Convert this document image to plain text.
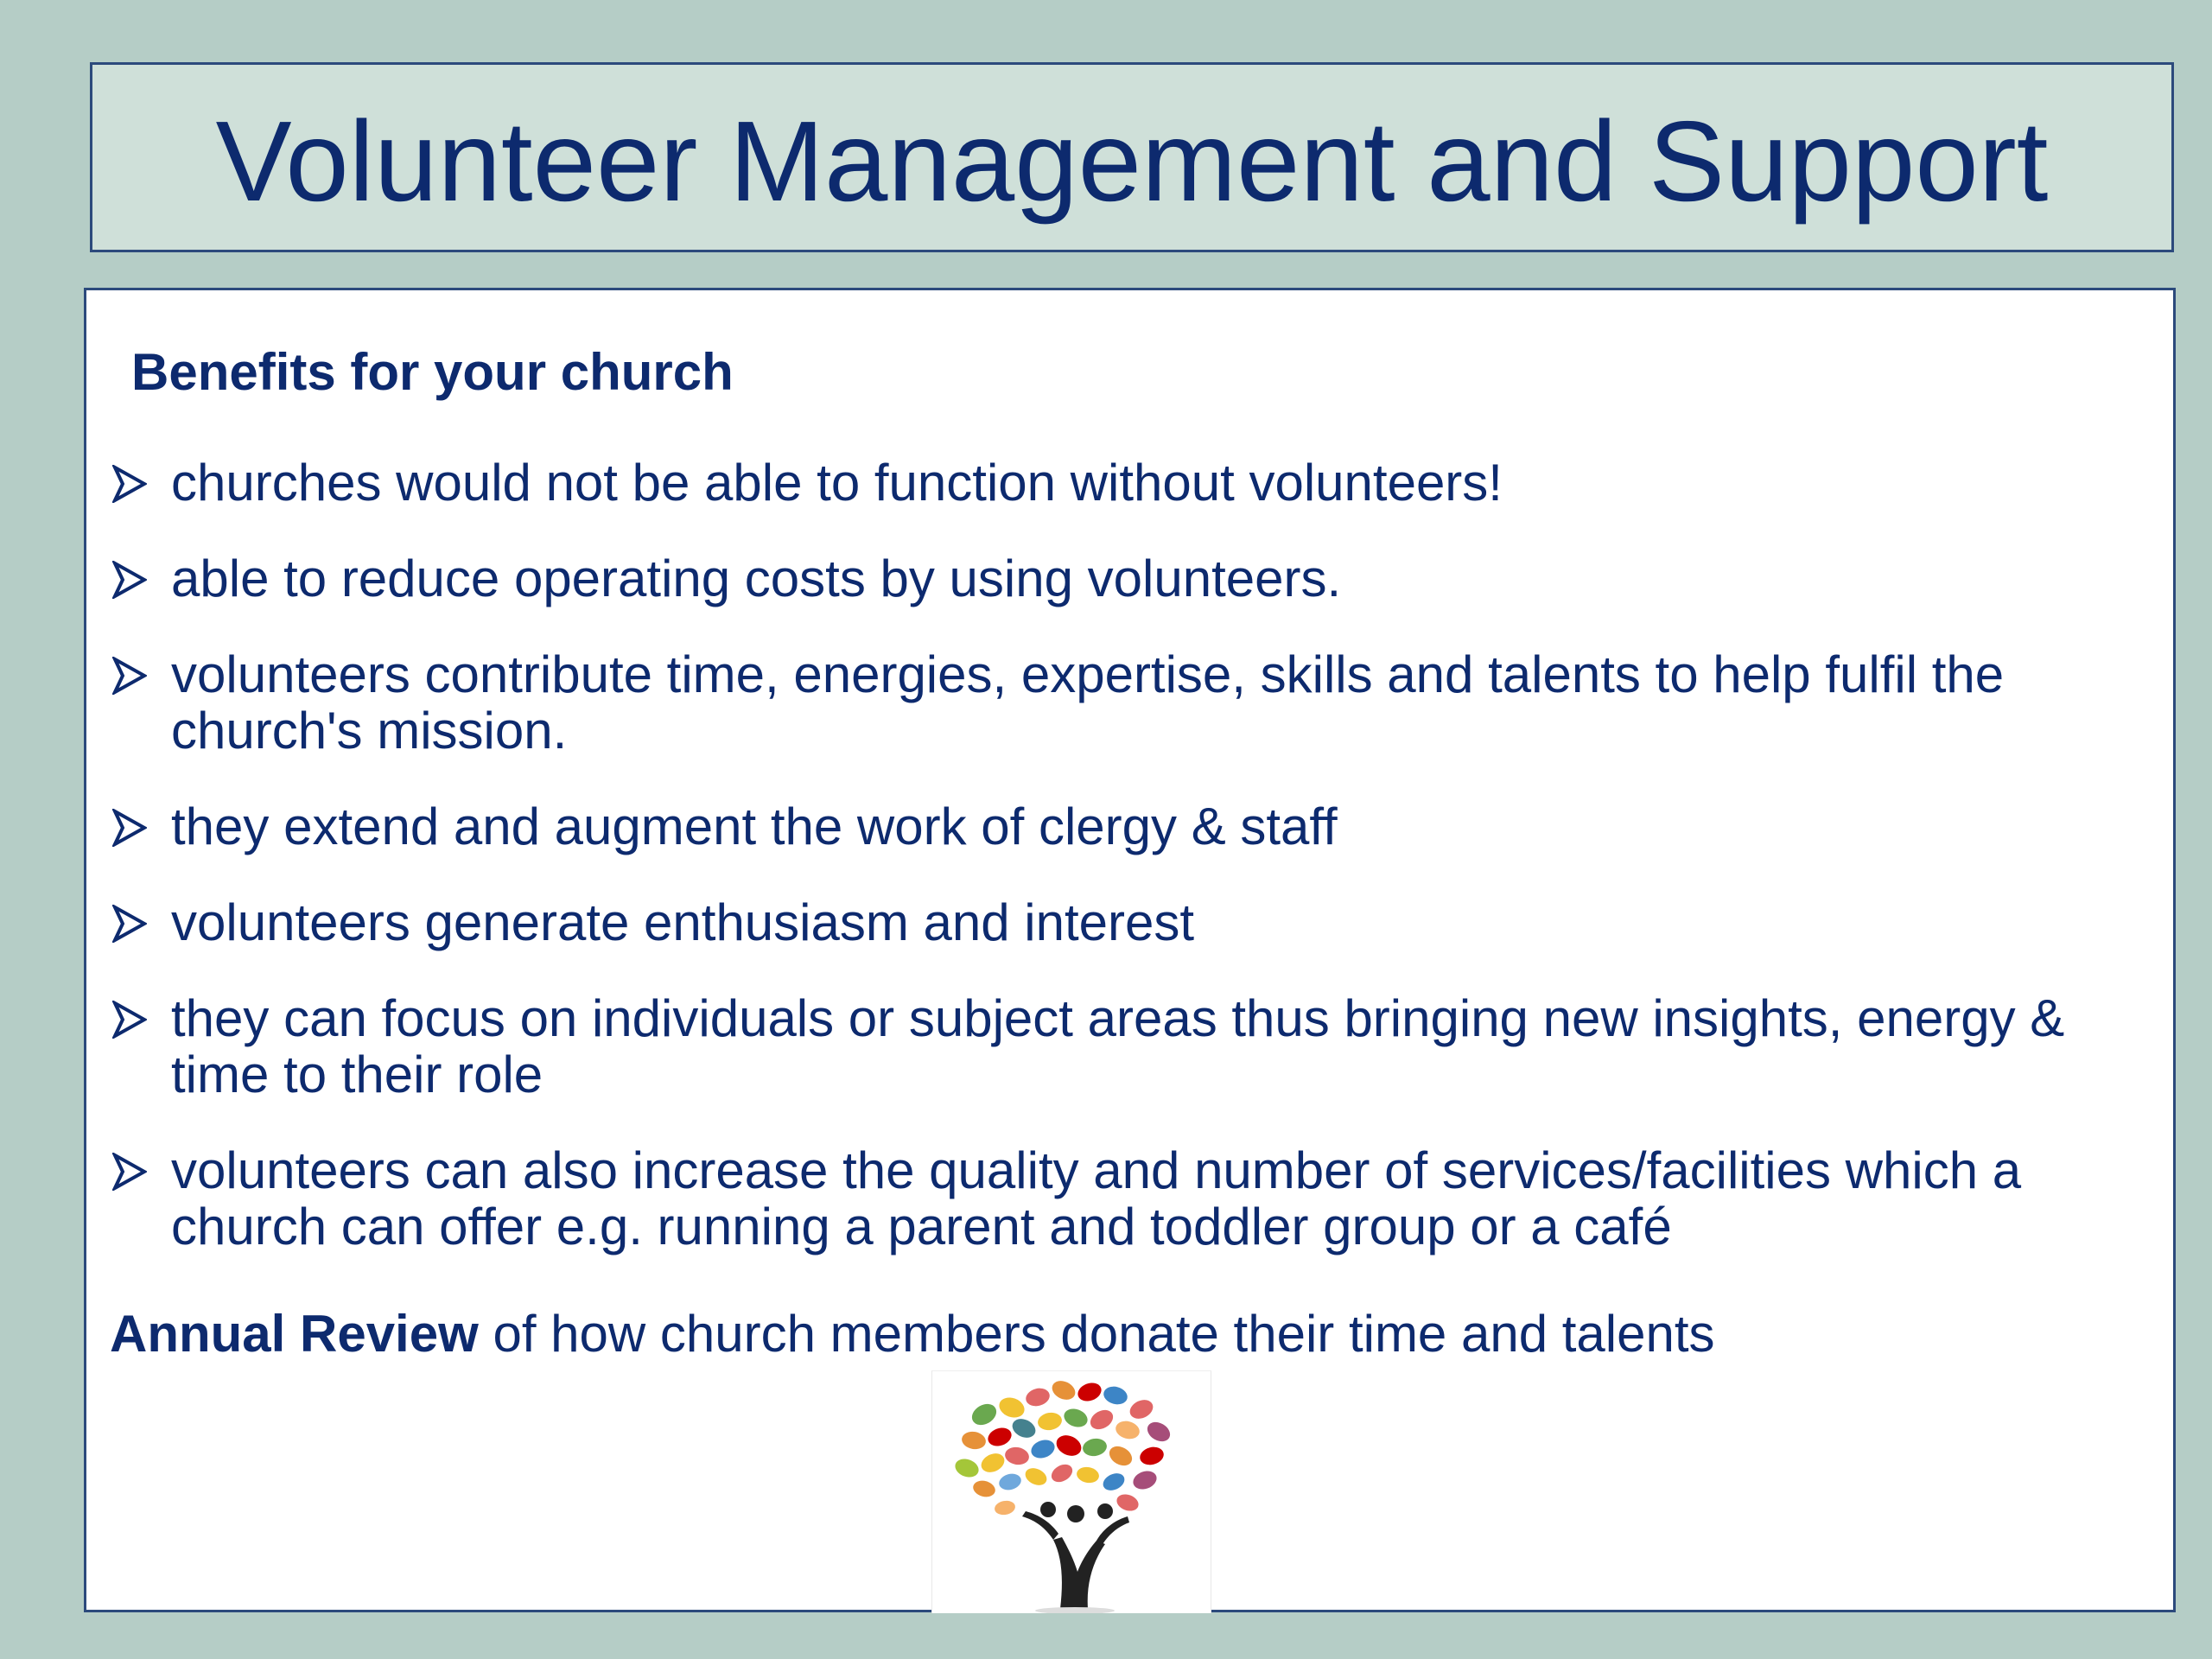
Volunteer Management and Support
Benefits for your church
churches would not be able to function without volunteers!
able to reduce operating costs by using volunteers.
volunteers contribute time, energies, expertise, skills and talents to help fulfil the church's mission.
they extend and augment the work of clergy & staff
volunteers generate enthusiasm and interest
they can focus on individuals or subject areas thus bringing new insights, energy & time to their role
volunteers can also increase the quality and number of services/facilities which a church can offer e.g. running a parent and toddler group or a café

Annual Review of how church members donate their time and talents
